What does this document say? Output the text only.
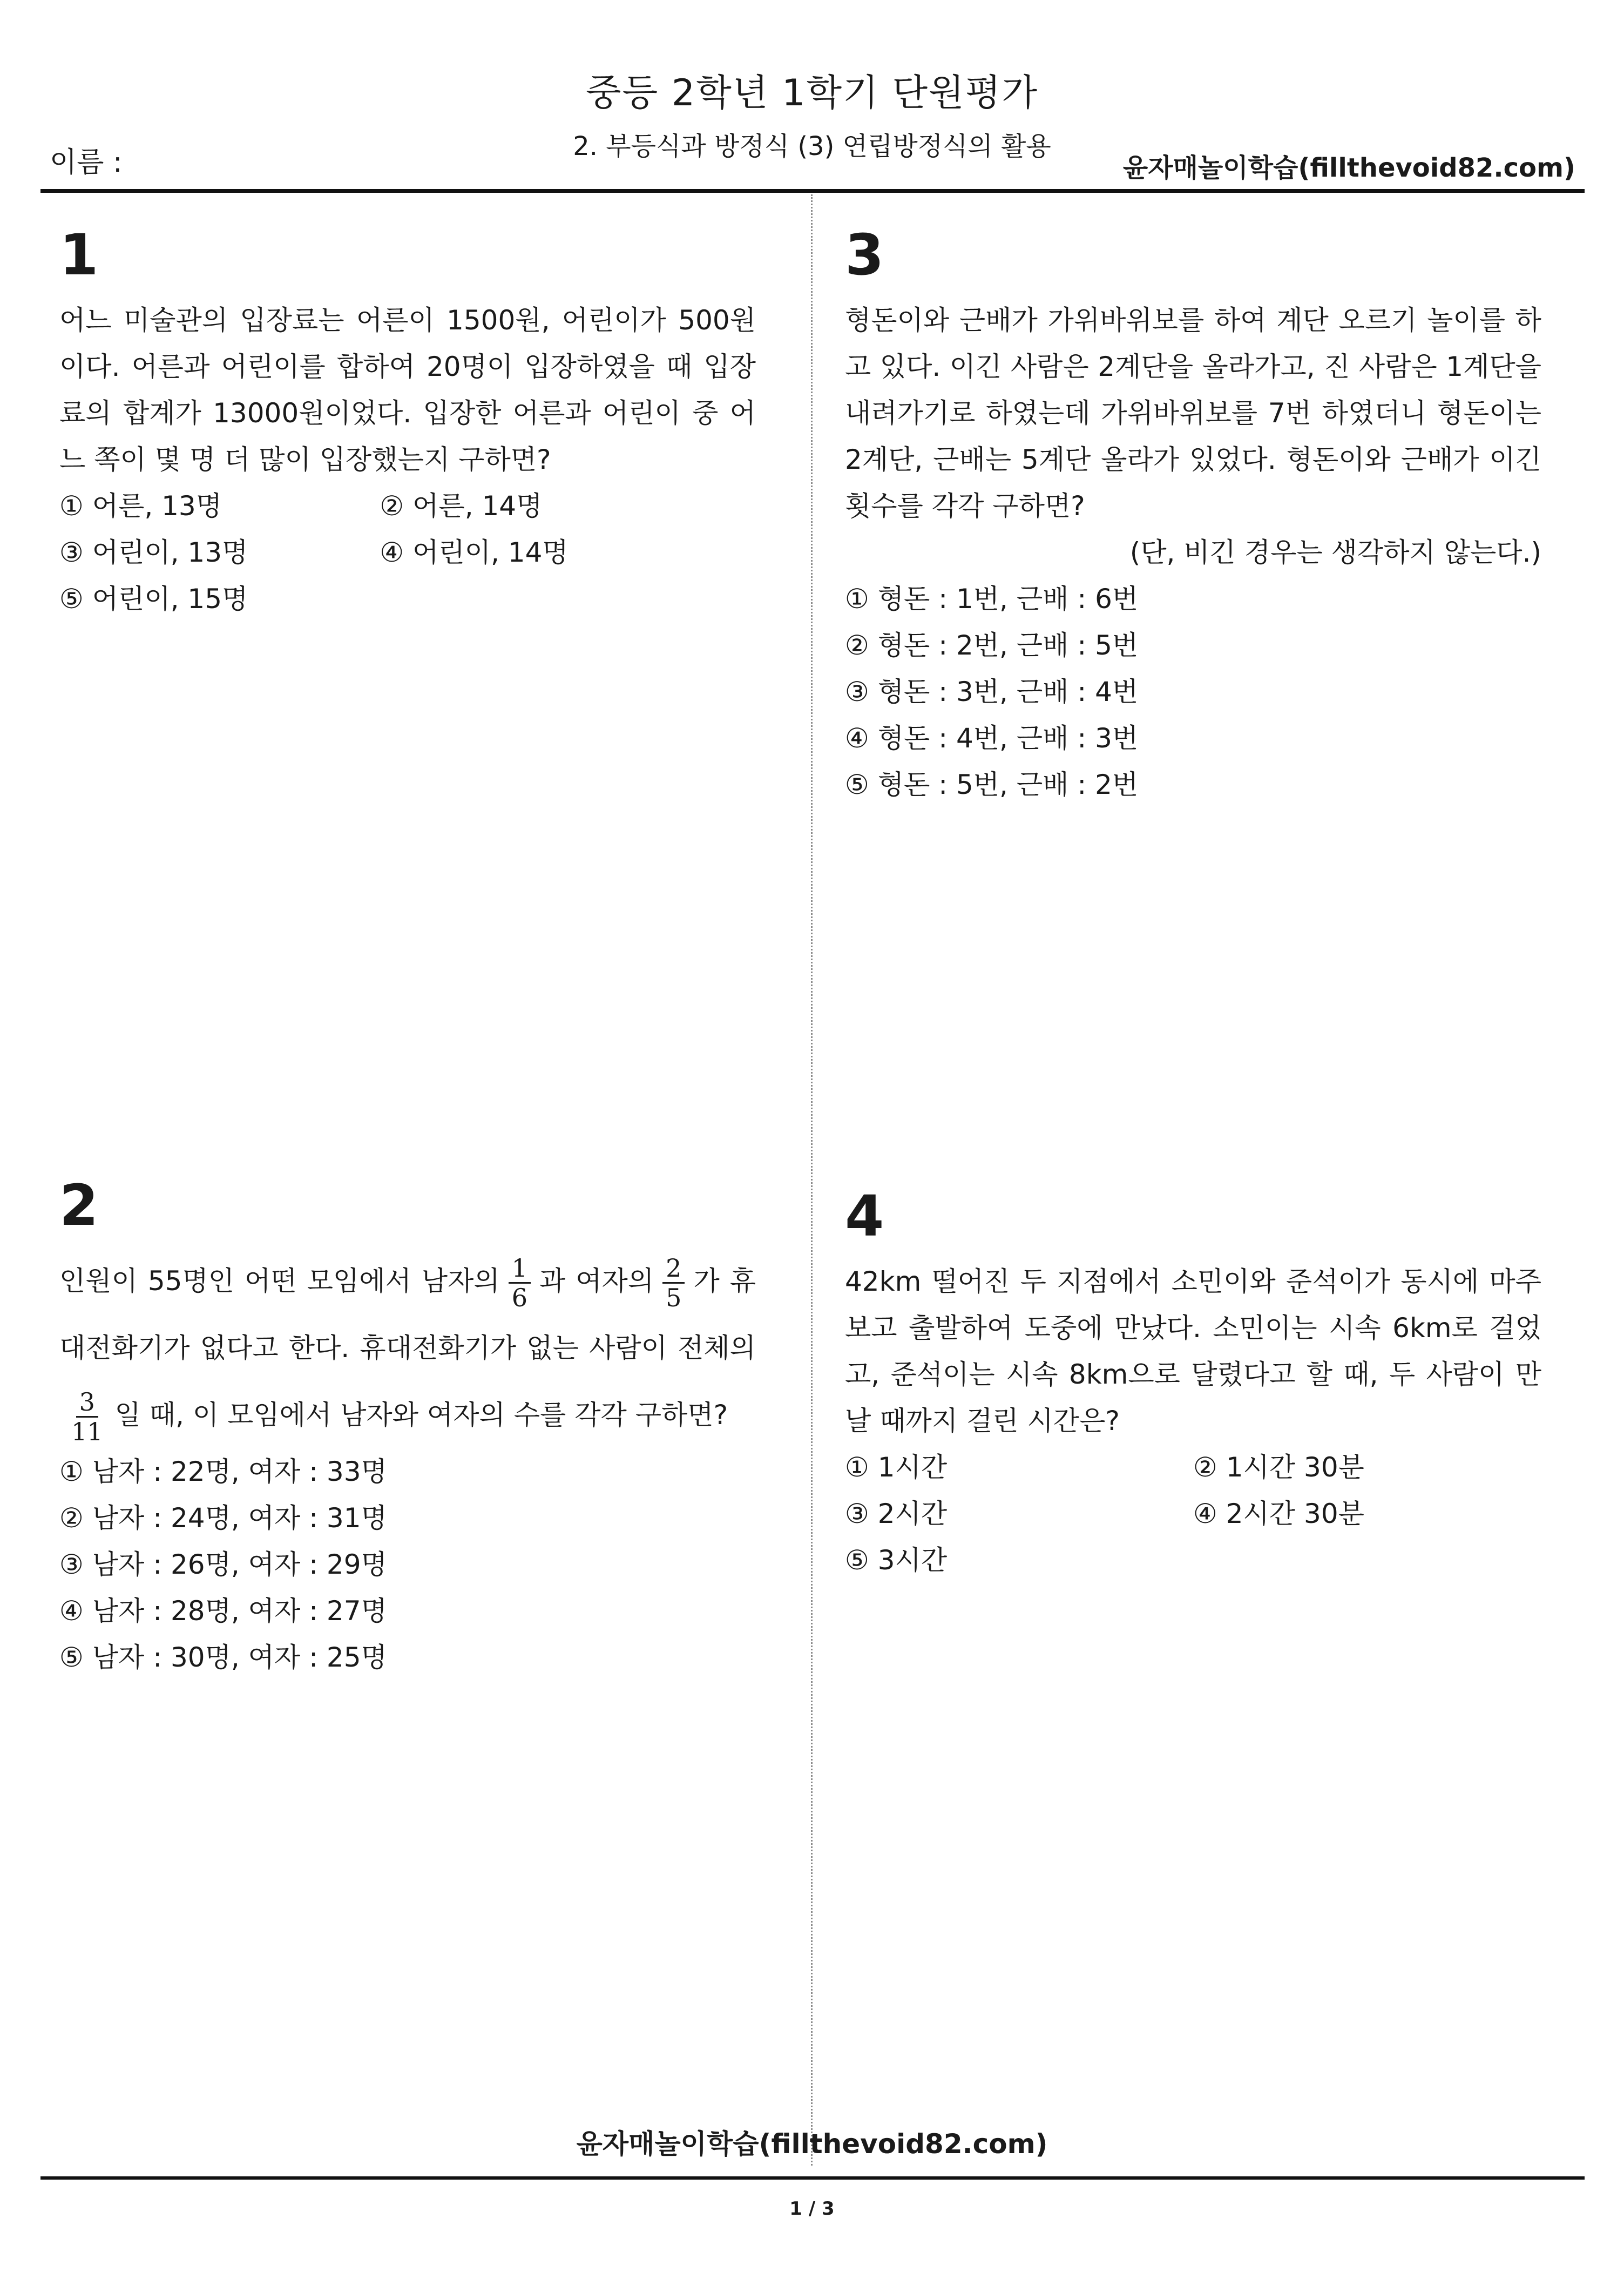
중등 2학년 1학기 단원평가
2. 부등식과 방정식 (3) 연립방정식의 활용
이름 :	윤자매놀이학습(fillthevoid82.com)
1
어느 미술관의 입장료는 어른이 1500원, 어린이가 500원이다. 어른과 어린이를 합하여 20명이 입장하였을 때 입장료의 합계가 13000원이었다. 입장한 어른과 어린이 중 어느 쪽이 몇 명 더 많이 입장했는지 구하면?
① 어른, 13명	② 어른, 14명
③ 어린이, 13명	④ 어린이, 14명
⑤ 어린이, 15명
2
인원이 55명인 어떤 모임에서 남자의 $\frac{1}{6}$ 과 여자의 $\frac{2}{5}$ 가 휴대전화기가 없다고 한다. 휴대전화기가 없는 사람이 전체의
$\frac{3}{11}$ 일 때, 이 모임에서 남자와 여자의 수를 각각 구하면?
① 남자 : 22명, 여자 : 33명
② 남자 : 24명, 여자 : 31명
③ 남자 : 26명, 여자 : 29명
④ 남자 : 28명, 여자 : 27명
⑤ 남자 : 30명, 여자 : 25명
3
형돈이와 근배가 가위바위보를 하여 계단 오르기 놀이를 하고 있다. 이긴 사람은 2계단을 올라가고, 진 사람은 1계단을 내려가기로 하였는데 가위바위보를 7번 하였더니 형돈이는 2계단, 근배는 5계단 올라가 있었다. 형돈이와 근배가 이긴 횟수를 각각 구하면?
(단, 비긴 경우는 생각하지 않는다.)
① 형돈 : 1번, 근배 : 6번
② 형돈 : 2번, 근배 : 5번
③ 형돈 : 3번, 근배 : 4번
④ 형돈 : 4번, 근배 : 3번
⑤ 형돈 : 5번, 근배 : 2번
4
42km 떨어진 두 지점에서 소민이와 준석이가 동시에 마주보고 출발하여 도중에 만났다. 소민이는 시속 6km로 걸었고, 준석이는 시속 8km으로 달렸다고 할 때, 두 사람이 만날 때까지 걸린 시간은?
① 1시간	② 1시간 30분
③ 2시간	④ 2시간 30분
⑤ 3시간
윤자매놀이학습(fillthevoid82.com)
1 / 3
